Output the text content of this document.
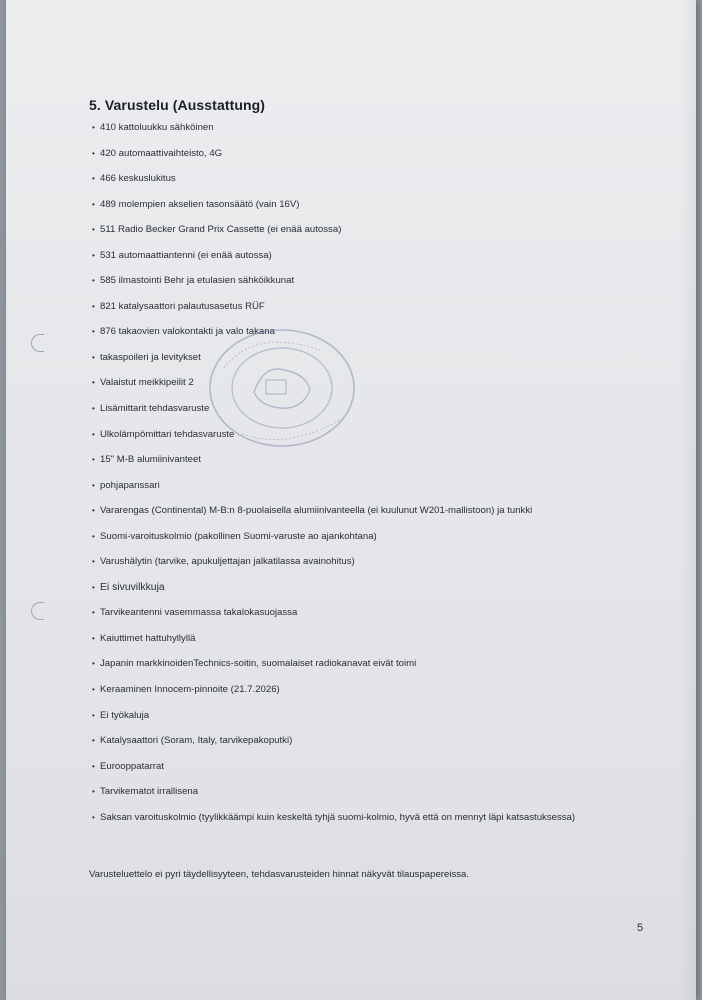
5. Varustelu (Ausstattung)
• 410 kattoluukku sähköinen
• 420 automaattivaihteisto, 4G
• 466 keskuslukitus
• 489 molempien akselien tasonsäätö (vain 16V)
• 511 Radio Becker Grand Prix Cassette (ei enää autossa)
• 531 automaattiantenni (ei enää autossa)
• 585 ilmastointi Behr ja etulasien sähköikkunat
• 821 katalysaattori palautusasetus RÜF
• 876 takaovien valokontakti ja valo takana
• takaspoileri ja levitykset
• Valaistut meikkipeilit 2
• Lisämittarit tehdasvaruste
• Ulkolämpömittari tehdasvaruste
• 15" M-B alumiinivanteet
• pohjapanssari
• Vararengas (Continental) M-B:n 8-puolaisella alumiinivanteella (ei kuulunut W201-mallistoon) ja tunkki
• Suomi-varoituskolmio (pakollinen Suomi-varuste ao ajankohtana)
• Varushälytin (tarvike, apukuljettajan jalkatilassa avainohitus)
• Ei sivuvilkkuja
• Tarvikeantenni vasemmassa takalokasuojassa
• Kaiuttimet hattuhyllyllä
• Japanin markkinoidenTechnics-soitin, suomalaiset radiokanavat eivät toimi
• Keraaminen Innocem-pinnoite (21.7.2026)
• Ei työkaluja
• Katalysaattori (Soram, Italy, tarvikepakoputki)
• Eurooppatarrat
• Tarvikematot irrallisena
• Saksan varoituskolmio (tyylikkäämpi kuin keskeltä tyhjä suomi-kolmio, hyvä että on mennyt läpi katsastuksessa)

Varusteluettelo ei pyri täydellisyyteen, tehdasvarusteiden hinnat näkyvät tilauspapereissa.

5
